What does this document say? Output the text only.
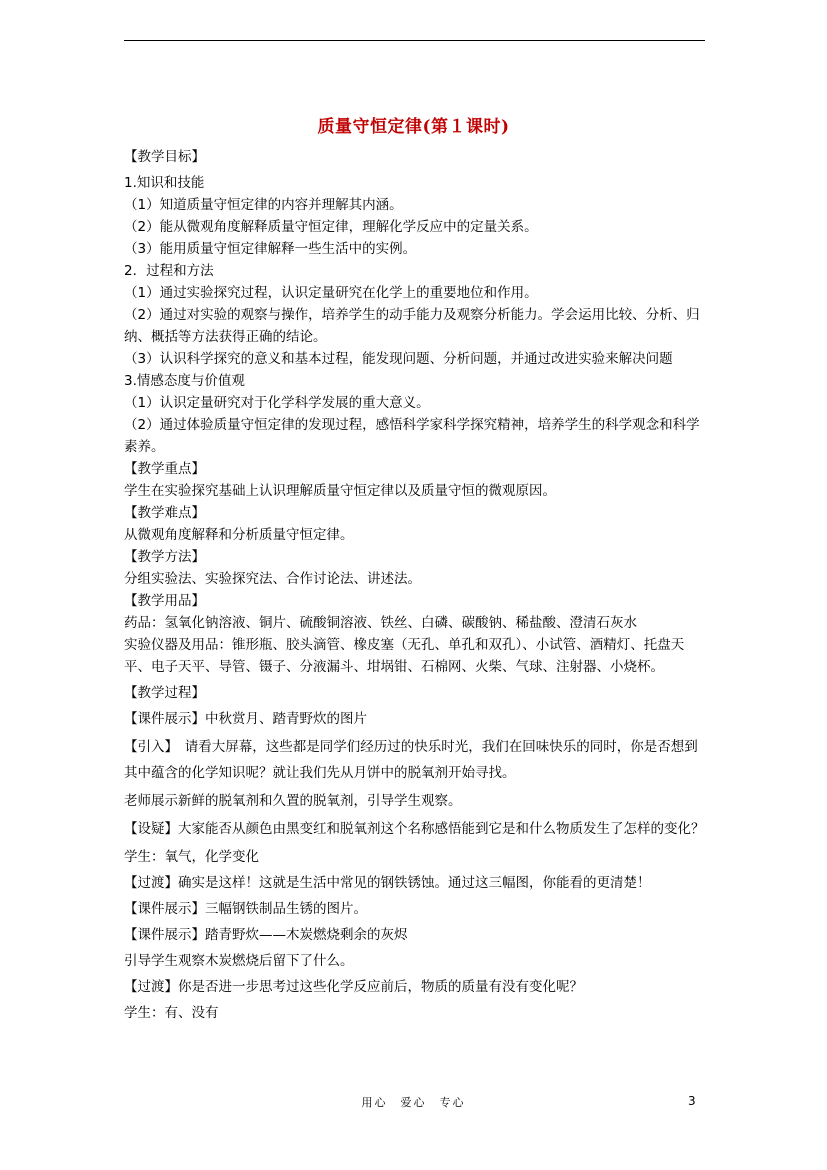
质量守恒定律(第１课时)
【教学目标】
1.知识和技能
（1）知道质量守恒定律的内容并理解其内涵。
（2）能从微观角度解释质量守恒定律，理解化学反应中的定量关系。
（3）能用质量守恒定律解释一些生活中的实例。
2．过程和方法
（1）通过实验探究过程，认识定量研究在化学上的重要地位和作用。
（2）通过对实验的观察与操作，培养学生的动手能力及观察分析能力。学会运用比较、分析、归纳、概括等方法获得正确的结论。
（3）认识科学探究的意义和基本过程，能发现问题、分析问题，并通过改进实验来解决问题
3.情感态度与价值观
（1）认识定量研究对于化学科学发展的重大意义。
（2）通过体验质量守恒定律的发现过程，感悟科学家科学探究精神，培养学生的科学观念和科学素养。
【教学重点】
学生在实验探究基础上认识理解质量守恒定律以及质量守恒的微观原因。
【教学难点】
从微观角度解释和分析质量守恒定律。
【教学方法】
分组实验法、实验探究法、合作讨论法、讲述法。
【教学用品】
药品：氢氧化钠溶液、铜片、硫酸铜溶液、铁丝、白磷、碳酸钠、稀盐酸、澄清石灰水
实验仪器及用品：锥形瓶、胶头滴管、橡皮塞（无孔、单孔和双孔）、小试管、酒精灯、托盘天平、电子天平、导管、镊子、分液漏斗、坩埚钳、石棉网、火柴、气球、注射器、小烧杯。
【教学过程】
【课件展示】中秋赏月、踏青野炊的图片
【引入】　请看大屏幕，这些都是同学们经历过的快乐时光，我们在回味快乐的同时，你是否想到其中蕴含的化学知识呢？就让我们先从月饼中的脱氧剂开始寻找。
老师展示新鲜的脱氧剂和久置的脱氧剂，引导学生观察。
【设疑】大家能否从颜色由黑变红和脱氧剂这个名称感悟能到它是和什么物质发生了怎样的变化？
学生：氧气，化学变化
【过渡】确实是这样！这就是生活中常见的钢铁锈蚀。通过这三幅图，你能看的更清楚！
【课件展示】三幅钢铁制品生锈的图片。
【课件展示】踏青野炊——木炭燃烧剩余的灰烬
引导学生观察木炭燃烧后留下了什么。
【过渡】你是否进一步思考过这些化学反应前后，物质的质量有没有变化呢？
学生：有、没有
用心　爱心　专心	3
